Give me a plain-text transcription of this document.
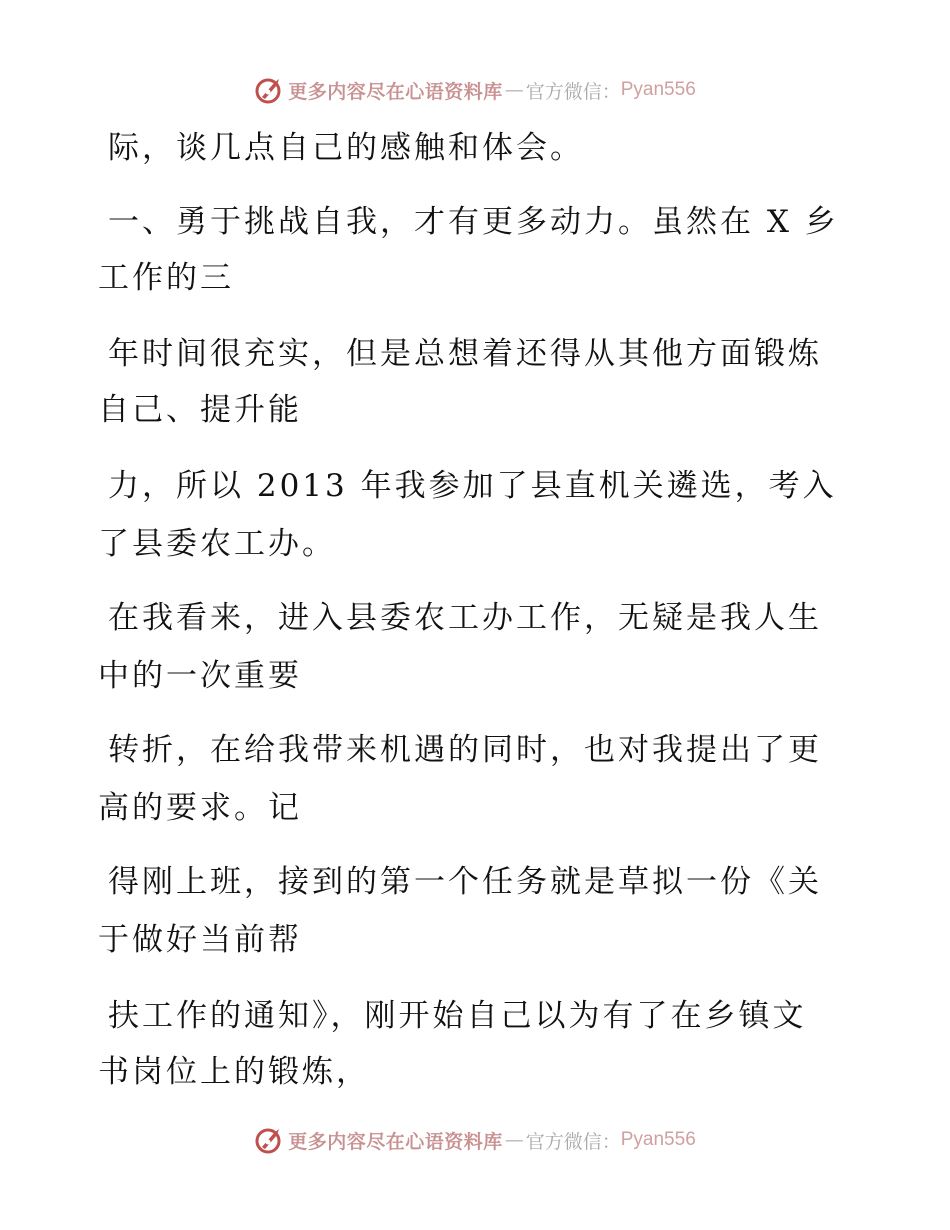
更多内容尽在心语资料库 — 官方微信： Pyan556
际，谈几点自己的感触和体会。
一、勇于挑战自我，才有更多动力。虽然在 X 乡
工作的三
年时间很充实，但是总想着还得从其他方面锻炼
自己、提升能
力，所以 2013 年我参加了县直机关遴选，考入
了县委农工办。
在我看来，进入县委农工办工作，无疑是我人生
中的一次重要
转折，在给我带来机遇的同时，也对我提出了更
高的要求。记
得刚上班，接到的第一个任务就是草拟一份《关
于做好当前帮
扶工作的通知》，刚开始自己以为有了在乡镇文
书岗位上的锻炼，
更多内容尽在心语资料库 — 官方微信： Pyan556
